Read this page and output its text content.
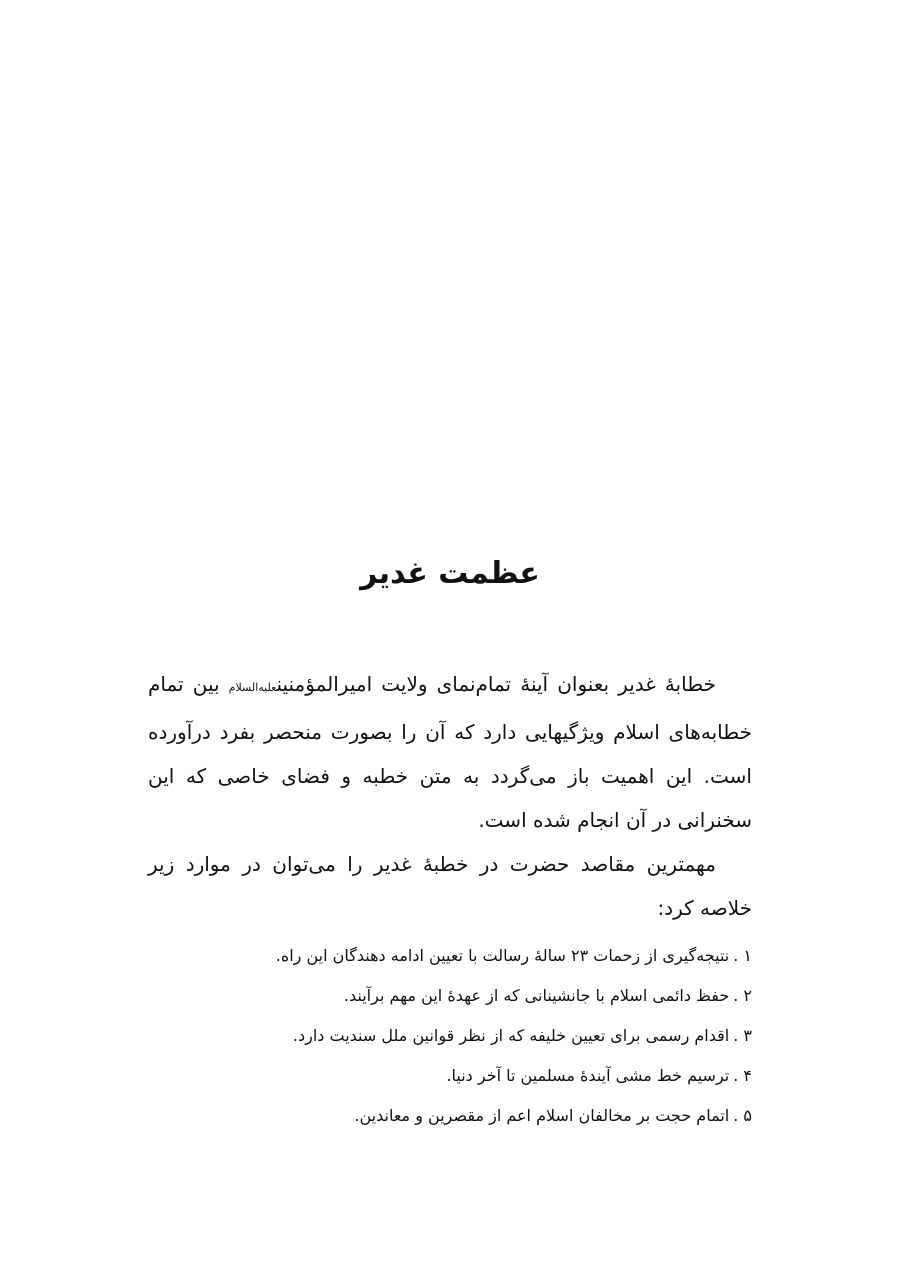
عظمت غدیر

خطابهٔ غدیر بعنوان آینهٔ تمام‌نمای ولایت امیرالمؤمنینعلیه‌السلام بین تمام خطابه‌های اسلام ویژگیهایی دارد که آن را بصورت منحصر بفرد درآورده است. این اهمیت باز می‌گردد به متن خطبه و فضای خاصی که این سخنرانی در آن انجام شده است.

مهمترین مقاصد حضرت در خطبهٔ غدیر را می‌توان در موارد زیر خلاصه کرد:

۱ .نتیجه‌گیری از زحمات ۲۳ سالهٔ رسالت با تعیین ادامه دهندگان این راه.
۲ .حفظ دائمی اسلام با جانشینانی که از عهدهٔ این مهم برآیند.
۳ .اقدام رسمی برای تعیین خلیفه که از نظر قوانین ملل سندیت دارد.
۴ .ترسیم خط مشی آیندهٔ مسلمین تا آخر دنیا.
۵ .اتمام حجت بر مخالفان اسلام اعم از مقصرین و معاندین.
